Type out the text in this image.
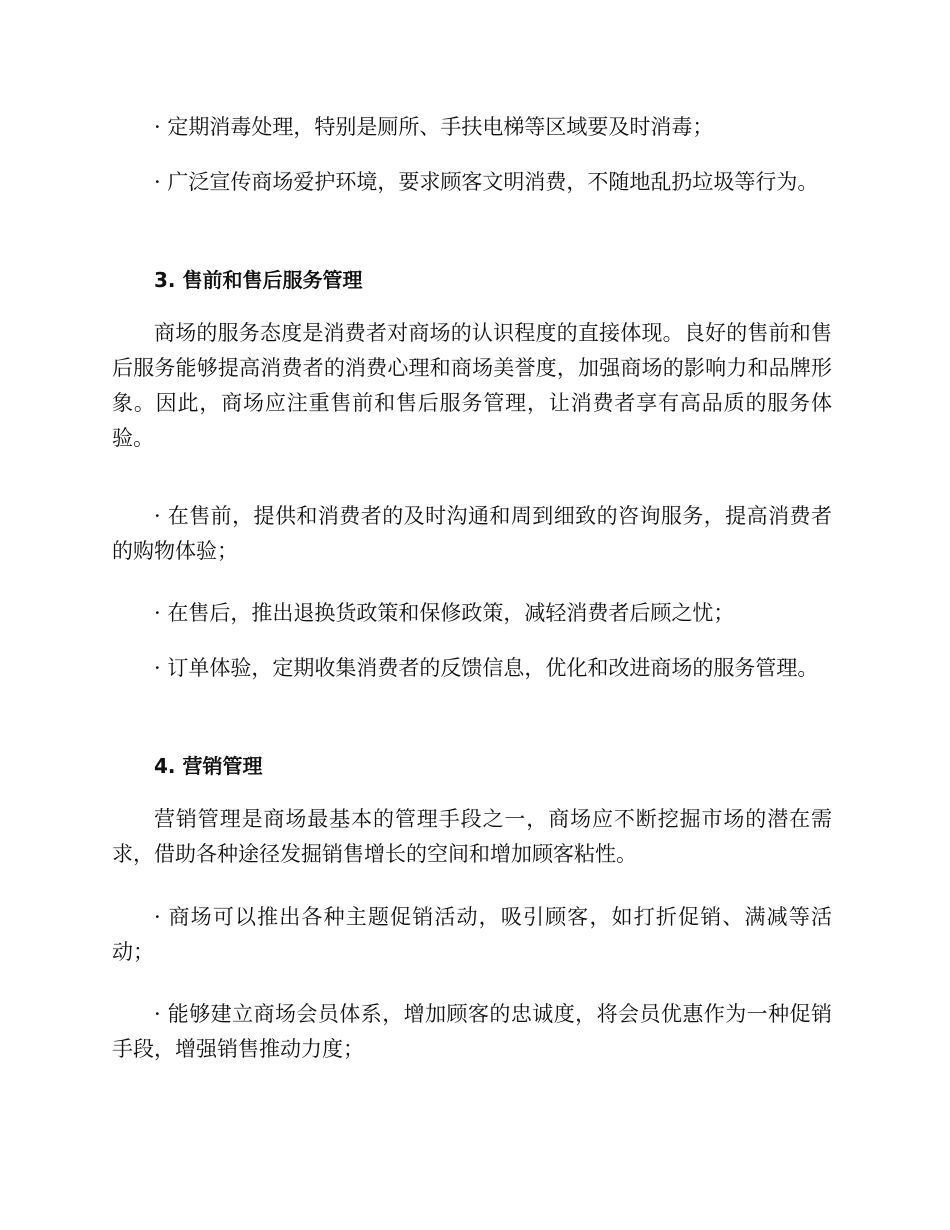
· 定期消毒处理，特别是厕所、手扶电梯等区域要及时消毒；

· 广泛宣传商场爱护环境，要求顾客文明消费，不随地乱扔垃圾等行为。

3. 售前和售后服务管理

商场的服务态度是消费者对商场的认识程度的直接体现。良好的售前和售后服务能够提高消费者的消费心理和商场美誉度，加强商场的影响力和品牌形象。因此，商场应注重售前和售后服务管理，让消费者享有高品质的服务体验。

· 在售前，提供和消费者的及时沟通和周到细致的咨询服务，提高消费者的购物体验；

· 在售后，推出退换货政策和保修政策，减轻消费者后顾之忧；

· 订单体验，定期收集消费者的反馈信息，优化和改进商场的服务管理。

4. 营销管理

营销管理是商场最基本的管理手段之一，商场应不断挖掘市场的潜在需求，借助各种途径发掘销售增长的空间和增加顾客粘性。

· 商场可以推出各种主题促销活动，吸引顾客，如打折促销、满减等活动；

· 能够建立商场会员体系，增加顾客的忠诚度，将会员优惠作为一种促销手段，增强销售推动力度；
